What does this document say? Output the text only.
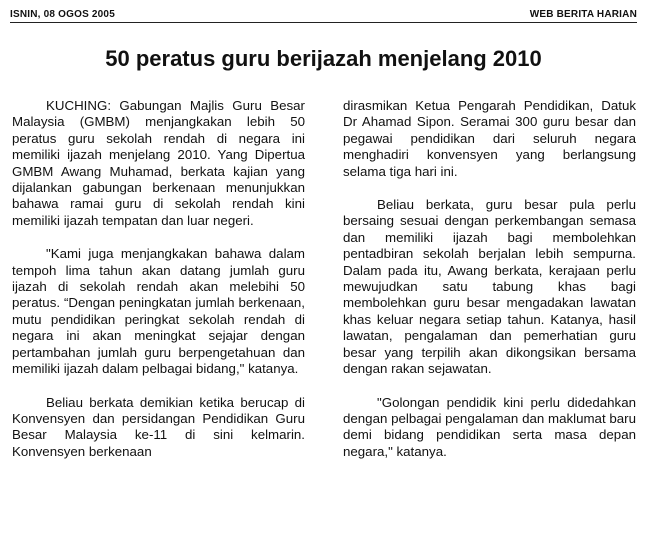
ISNIN, 08 OGOS 2005	WEB BERITA HARIAN
50 peratus guru berijazah menjelang 2010

KUCHING: Gabungan Majlis Guru Besar Malaysia (GMBM) menjangkakan lebih 50 peratus guru sekolah rendah di negara ini memiliki ijazah menjelang 2010. Yang Dipertua GMBM Awang Muhamad, berkata kajian yang dijalankan gabungan berkenaan menunjukkan bahawa ramai guru di sekolah rendah kini memiliki ijazah tempatan dan luar negeri.

"Kami juga menjangkakan bahawa dalam tempoh lima tahun akan datang jumlah guru ijazah di sekolah rendah akan melebihi 50 peratus. “Dengan peningkatan jumlah berkenaan, mutu pendidikan peringkat sekolah rendah di negara ini akan meningkat sejajar dengan pertambahan jumlah guru berpengetahuan dan memiliki ijazah dalam pelbagai bidang," katanya.

Beliau berkata demikian ketika berucap di Konvensyen dan persidangan Pendidikan Guru Besar Malaysia ke-11 di sini kelmarin. Konvensyen berkenaan

dirasmikan Ketua Pengarah Pendidikan, Datuk Dr Ahamad Sipon. Seramai 300 guru besar dan pegawai pendidikan dari seluruh negara menghadiri konvensyen yang berlangsung selama tiga hari ini.

Beliau berkata, guru besar pula perlu bersaing sesuai dengan perkembangan semasa dan memiliki ijazah bagi membolehkan pentadbiran sekolah berjalan lebih sempurna. Dalam pada itu, Awang berkata, kerajaan perlu mewujudkan satu tabung khas bagi membolehkan guru besar mengadakan lawatan khas keluar negara setiap tahun. Katanya, hasil lawatan, pengalaman dan pemerhatian guru besar yang terpilih akan dikongsikan bersama dengan rakan sejawatan.

"Golongan pendidik kini perlu didedahkan dengan pelbagai pengalaman dan maklumat baru demi bidang pendidikan serta masa depan negara," katanya.
